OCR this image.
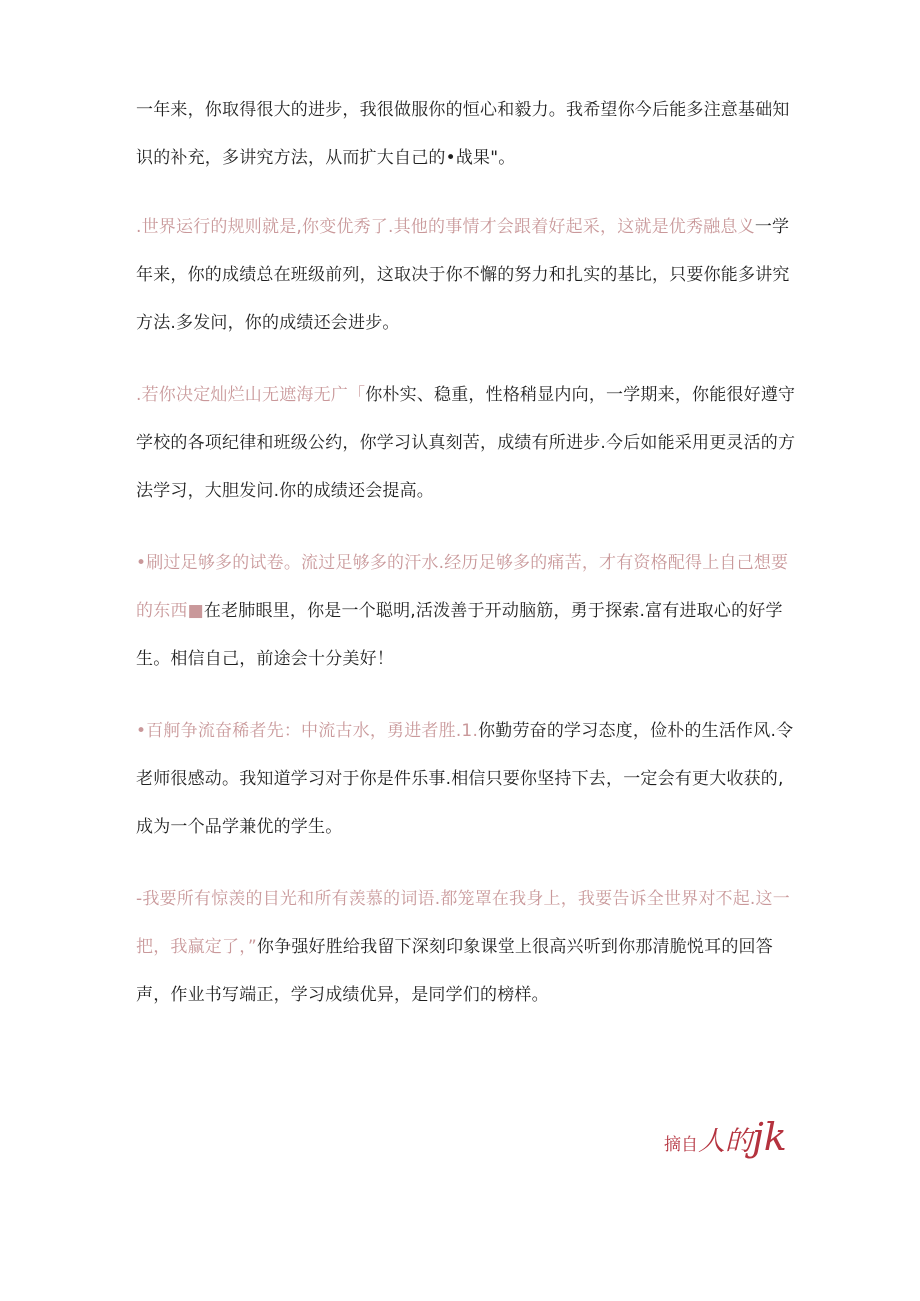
一年来，你取得很大的进步，我很做服你的恒心和毅力。我希望你今后能多注意基础知识的补充，多讲究方法，从而扩大自己的•战果"。

.世界运行的规则就是,你变优秀了.其他的事情才会跟着好起采，这就是优秀融息义一学年来，你的成绩总在班级前列，这取决于你不懈的努力和扎实的基比，只要你能多讲究方法.多发问，你的成绩还会进步。

.若你决定灿烂山无遮海无广「你朴实、稳重，性格稍显内向，一学期来，你能很好遵守学校的各项纪律和班级公约，你学习认真刻苦，成绩有所进步.今后如能采用更灵活的方法学习，大胆发问.你的成绩还会提高。

•刷过足够多的试卷。流过足够多的汗水.经历足够多的痛苦，才有资格配得上自己想要的东西■在老肺眼里，你是一个聪明,活泼善于开动脑筋，勇于探索.富有进取心的好学生。相信自己，前途会十分美好！

•百舸争流奋稀者先：中流古水，勇进者胜.1.你勤劳奋的学习态度，俭朴的生活作风.令老师很感动。我知道学习对于你是件乐事.相信只要你坚持下去，一定会有更大收获的,成为一个品学兼优的学生。

-我要所有惊羡的目光和所有羡慕的词语.都笼罩在我身上，我要告诉全世界对不起.这一把，我赢定了，”你争强好胜给我留下深刻印象课堂上很高兴听到你那清脆悦耳的回答声，作业书写端正，学习成绩优异，是同学们的榜样。

摘自人的jk
